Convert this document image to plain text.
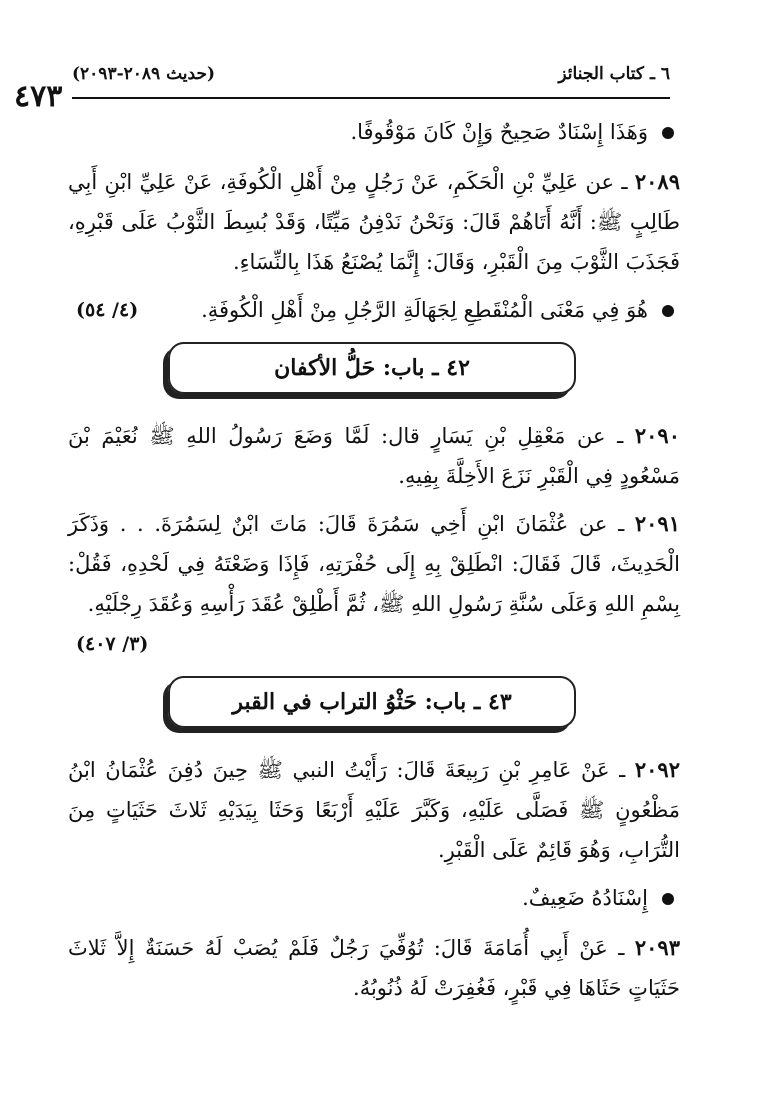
٤٧٣
٦ ـ كتاب الجنائز
(حديث ٢٠٨٩-٢٠٩٣)

وَهَذَا إِسْنَادٌ صَحِيحٌ وَإِنْ كَانَ مَوْقُوفًا.

٢٠٨٩ ـ عن عَلِيِّ بْنِ الْحَكَمِ، عَنْ رَجُلٍ مِنْ أَهْلِ الْكُوفَةِ، عَنْ عَلِيِّ ابْنِ أَبِي طَالِبٍ ﷺ: أَنَّهُ أَتَاهُمْ قَالَ: وَنَحْنُ نَدْفِنُ مَيِّتًا، وَقَدْ بُسِطَ الثَّوْبُ عَلَى قَبْرِهِ، فَجَذَبَ الثَّوْبَ مِنَ الْقَبْرِ، وَقَالَ: إِنَّمَا يُصْنَعُ هَذَا بِالنِّسَاءِ.

هُوَ فِي مَعْنَى الْمُنْقَطِعِ لِجَهَالَةِ الرَّجُلِ مِنْ أَهْلِ الْكُوفَةِ.
(٤/ ٥٤)

٤٢ ـ باب: حَلُّ الأكفان

٢٠٩٠ ـ عن مَعْقِلِ بْنِ يَسَارٍ قال: لَمَّا وَضَعَ رَسُولُ اللهِ ﷺ نُعَيْمَ بْنَ مَسْعُودٍ فِي الْقَبْرِ نَزَعَ الأَخِلَّةَ بِفِيهِ.

٢٠٩١ ـ عن عُثْمَانَ ابْنِ أَخِي سَمُرَةَ قَالَ: مَاتَ ابْنٌ لِسَمُرَةَ. . . وَذَكَرَ الْحَدِيثَ، قَالَ فَقَالَ: انْطَلِقْ بِهِ إِلَى حُفْرَتِهِ، فَإِذَا وَضَعْتَهُ فِي لَحْدِهِ، فَقُلْ: بِسْمِ اللهِ وَعَلَى سُنَّةِ رَسُولِ اللهِ ﷺ، ثُمَّ أَطْلِقْ عُقَدَ رَأْسِهِ وَعُقَدَ رِجْلَيْهِ.
(٣/ ٤٠٧)

٤٣ ـ باب: حَثْوُ التراب في القبر

٢٠٩٢ ـ عَنْ عَامِرِ بْنِ رَبِيعَةَ قَالَ: رَأَيْتُ النبي ﷺ حِينَ دُفِنَ عُثْمَانُ ابْنُ مَظْعُونٍ ﷺ فَصَلَّى عَلَيْهِ، وَكَبَّرَ عَلَيْهِ أَرْبَعًا وَحَثَا بِيَدَيْهِ ثَلاثَ حَثَيَاتٍ مِنَ التُّرَابِ، وَهُوَ قَائِمٌ عَلَى الْقَبْرِ.

إِسْنَادُهُ ضَعِيفٌ.

٢٠٩٣ ـ عَنْ أَبِي أُمَامَةَ قَالَ: تُوُفِّيَ رَجُلٌ فَلَمْ يُصَبْ لَهُ حَسَنَةٌ إِلاَّ ثَلاثَ حَثَيَاتٍ حَثَاهَا فِي قَبْرٍ، فَغُفِرَتْ لَهُ ذُنُوبُهُ.
